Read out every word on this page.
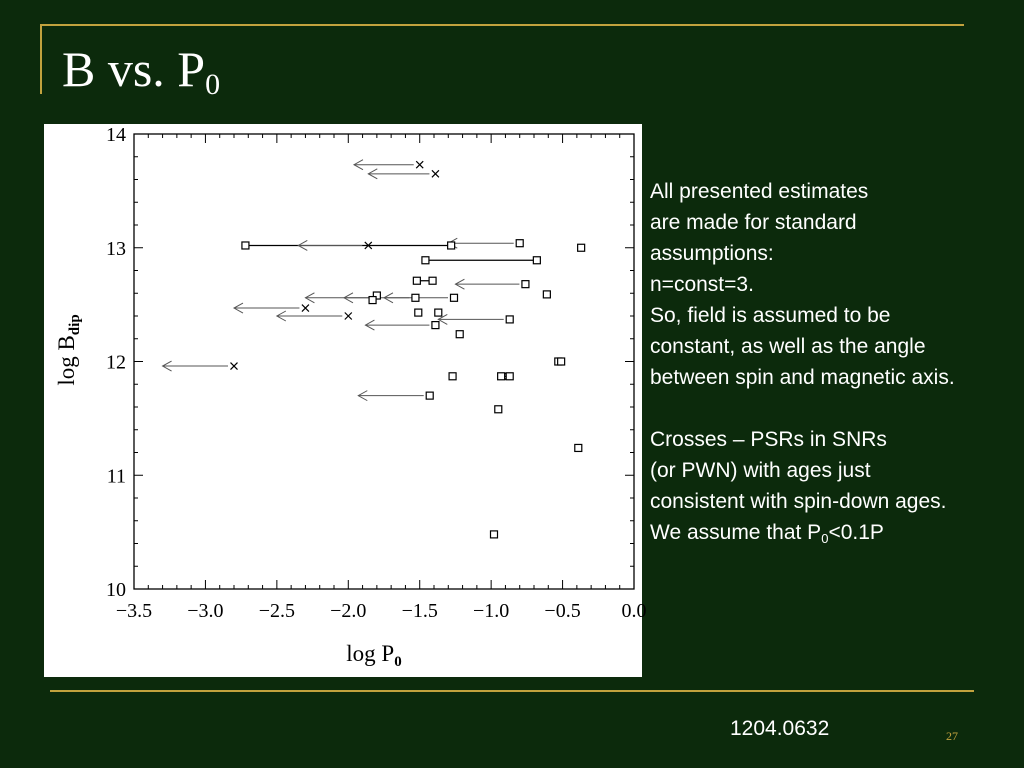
B vs. $P_0$
−3.5 −3.0 −2.5 −2.0 −1.5 −1.0 −0.5 0.0
10
11
12
13
14
$\log P_0$
$\log B_{dip}$
All presented estimates
are made for standard
assumptions:
n=const=3.
So, field is assumed to be
constant, as well as the angle
between spin and magnetic axis.
Crosses – PSRs in SNRs
(or PWN) with ages just
consistent with spin-down ages.
We assume that $P_0<0.1P$
1204.0632	27
